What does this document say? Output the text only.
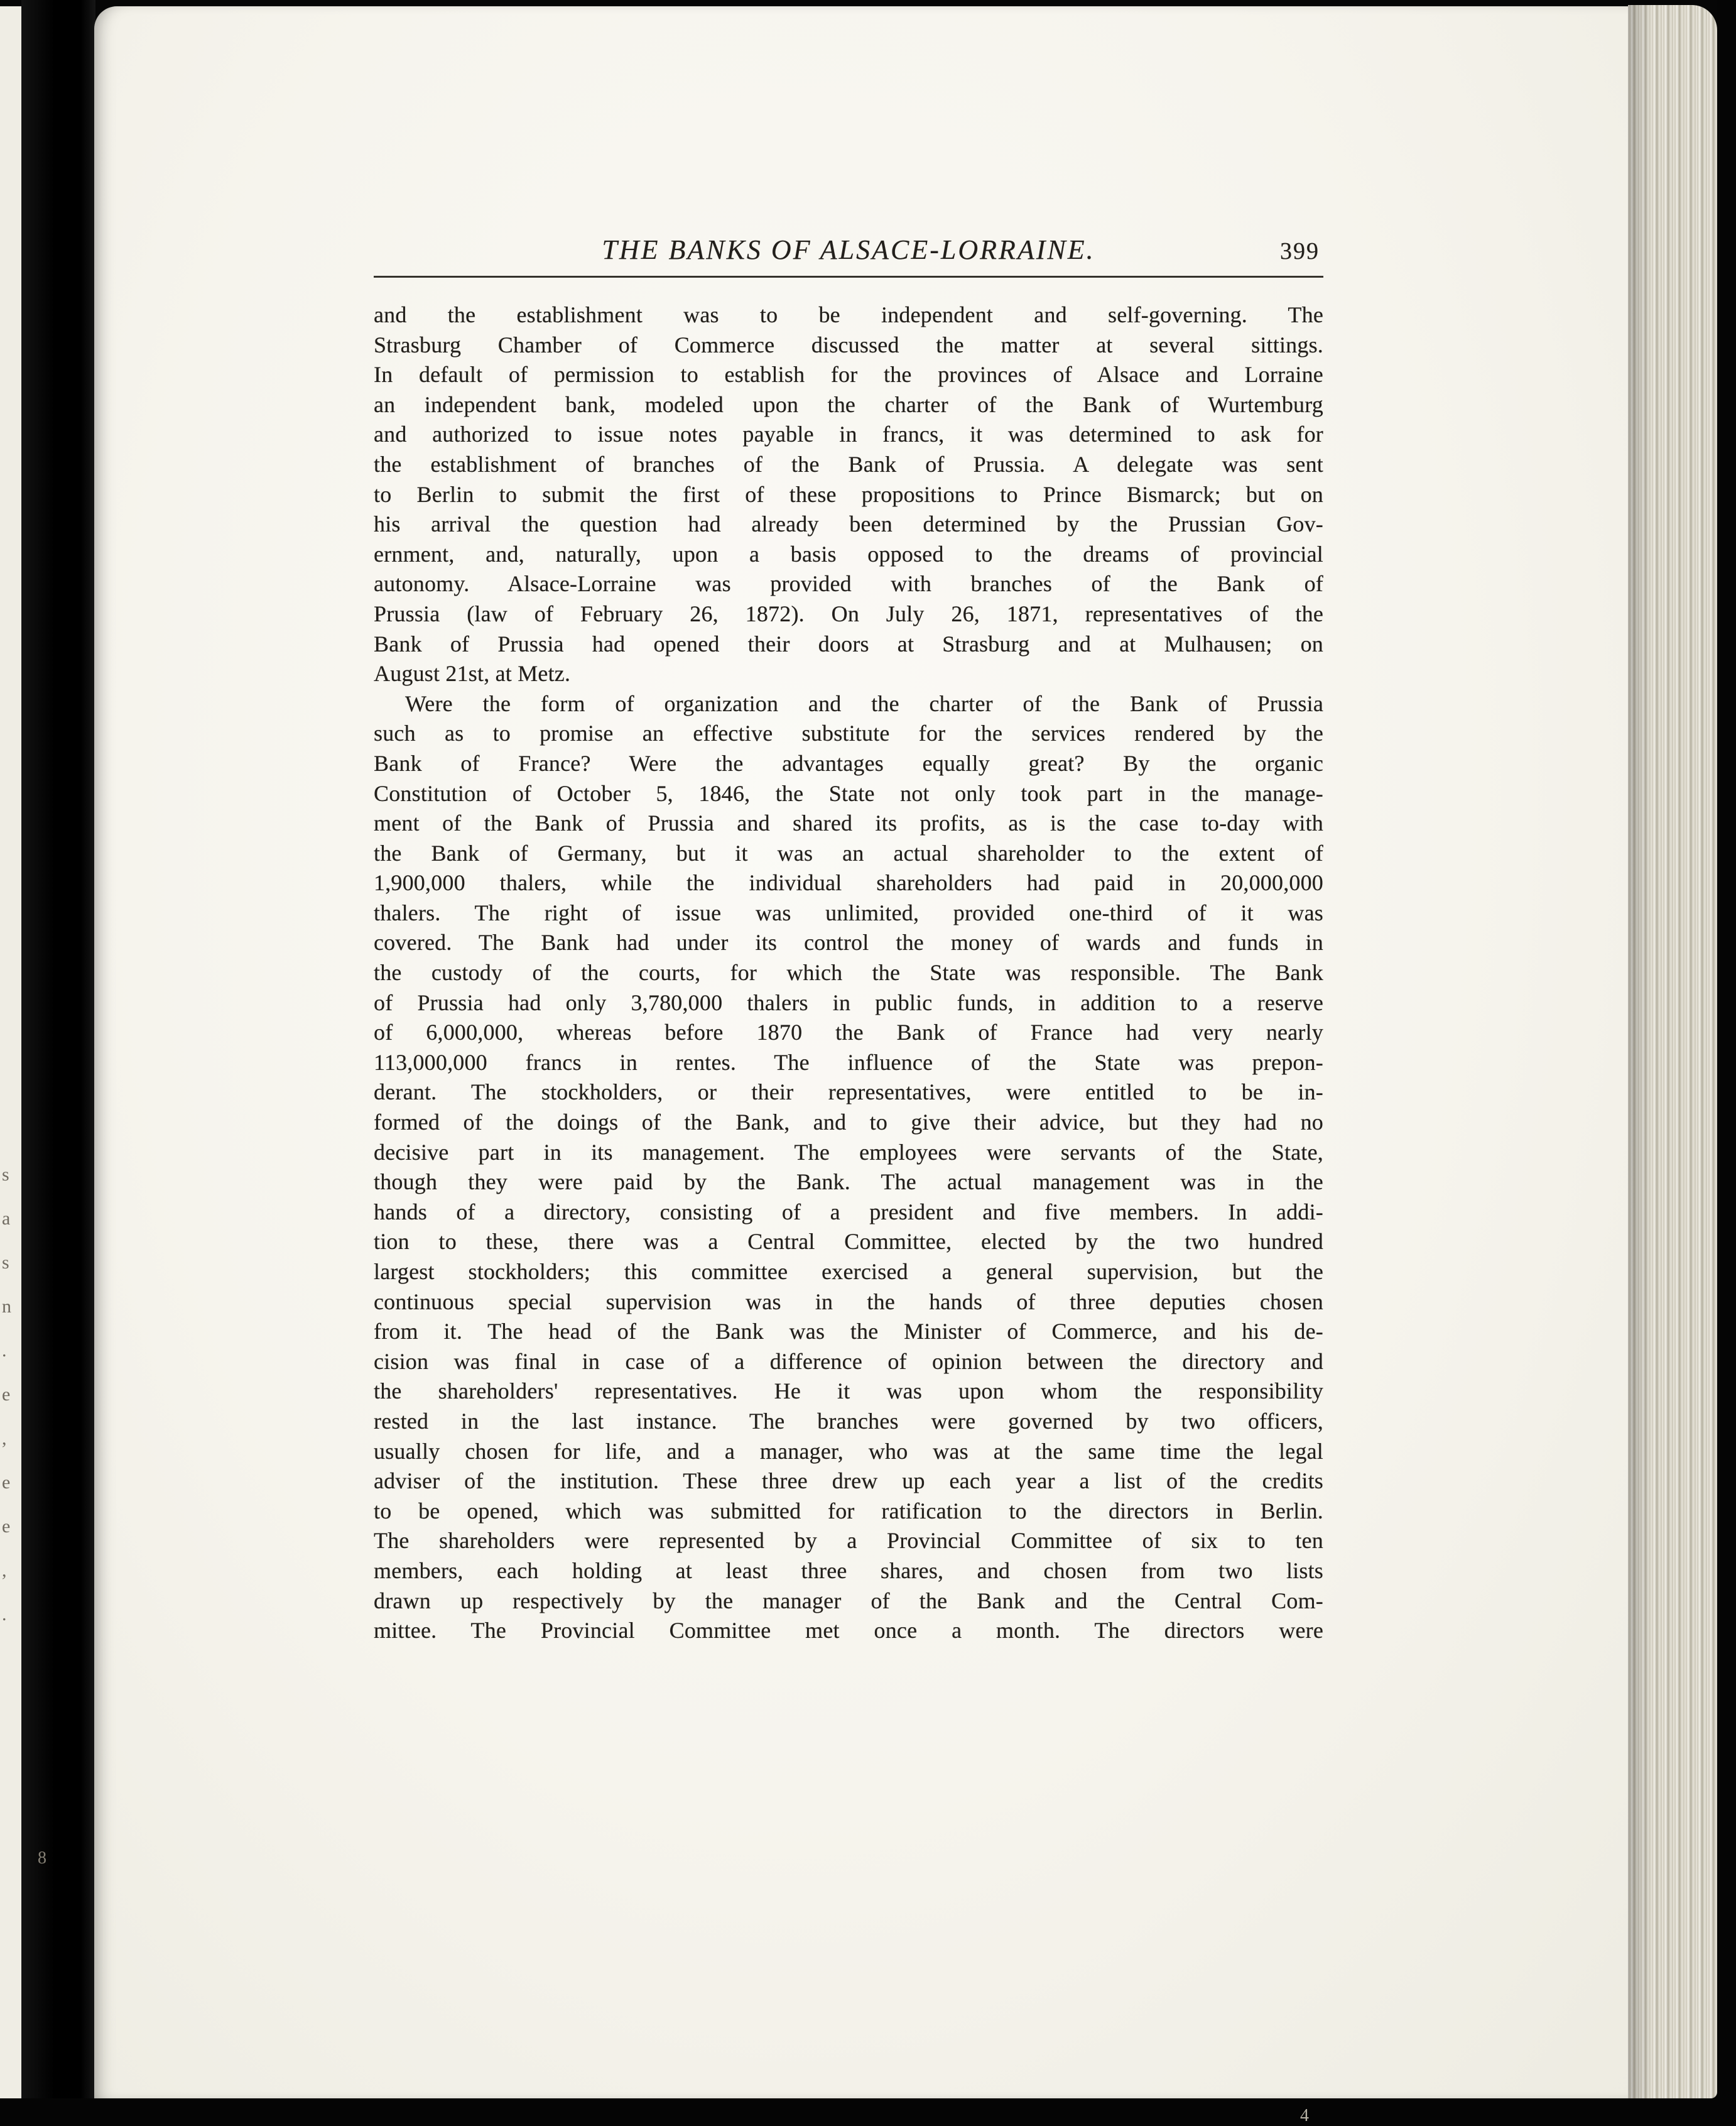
s
a
s
n
.
e
,
e
e
,
.
8
THE BANKS OF ALSACE-LORRAINE.	399
and the establishment was to be independent and self-governing. The
Strasburg Chamber of Commerce discussed the matter at several sittings.
In default of permission to establish for the provinces of Alsace and Lorraine
an independent bank, modeled upon the charter of the Bank of Wurtemburg
and authorized to issue notes payable in francs, it was determined to ask for
the establishment of branches of the Bank of Prussia. A delegate was sent
to Berlin to submit the first of these propositions to Prince Bismarck; but on
his arrival the question had already been determined by the Prussian Gov-
ernment, and, naturally, upon a basis opposed to the dreams of provincial
autonomy. Alsace-Lorraine was provided with branches of the Bank of
Prussia (law of February 26, 1872). On July 26, 1871, representatives of the
Bank of Prussia had opened their doors at Strasburg and at Mulhausen; on
August 21st, at Metz.
Were the form of organization and the charter of the Bank of Prussia
such as to promise an effective substitute for the services rendered by the
Bank of France? Were the advantages equally great? By the organic
Constitution of October 5, 1846, the State not only took part in the manage-
ment of the Bank of Prussia and shared its profits, as is the case to-day with
the Bank of Germany, but it was an actual shareholder to the extent of
1,900,000 thalers, while the individual shareholders had paid in 20,000,000
thalers. The right of issue was unlimited, provided one-third of it was
covered. The Bank had under its control the money of wards and funds in
the custody of the courts, for which the State was responsible. The Bank
of Prussia had only 3,780,000 thalers in public funds, in addition to a reserve
of 6,000,000, whereas before 1870 the Bank of France had very nearly
113,000,000 francs in rentes. The influence of the State was prepon-
derant. The stockholders, or their representatives, were entitled to be in-
formed of the doings of the Bank, and to give their advice, but they had no
decisive part in its management. The employees were servants of the State,
though they were paid by the Bank. The actual management was in the
hands of a directory, consisting of a president and five members. In addi-
tion to these, there was a Central Committee, elected by the two hundred
largest stockholders; this committee exercised a general supervision, but the
continuous special supervision was in the hands of three deputies chosen
from it. The head of the Bank was the Minister of Commerce, and his de-
cision was final in case of a difference of opinion between the directory and
the shareholders' representatives. He it was upon whom the responsibility
rested in the last instance. The branches were governed by two officers,
usually chosen for life, and a manager, who was at the same time the legal
adviser of the institution. These three drew up each year a list of the credits
to be opened, which was submitted for ratification to the directors in Berlin.
The shareholders were represented by a Provincial Committee of six to ten
members, each holding at least three shares, and chosen from two lists
drawn up respectively by the manager of the Bank and the Central Com-
mittee. The Provincial Committee met once a month. The directors were
4
